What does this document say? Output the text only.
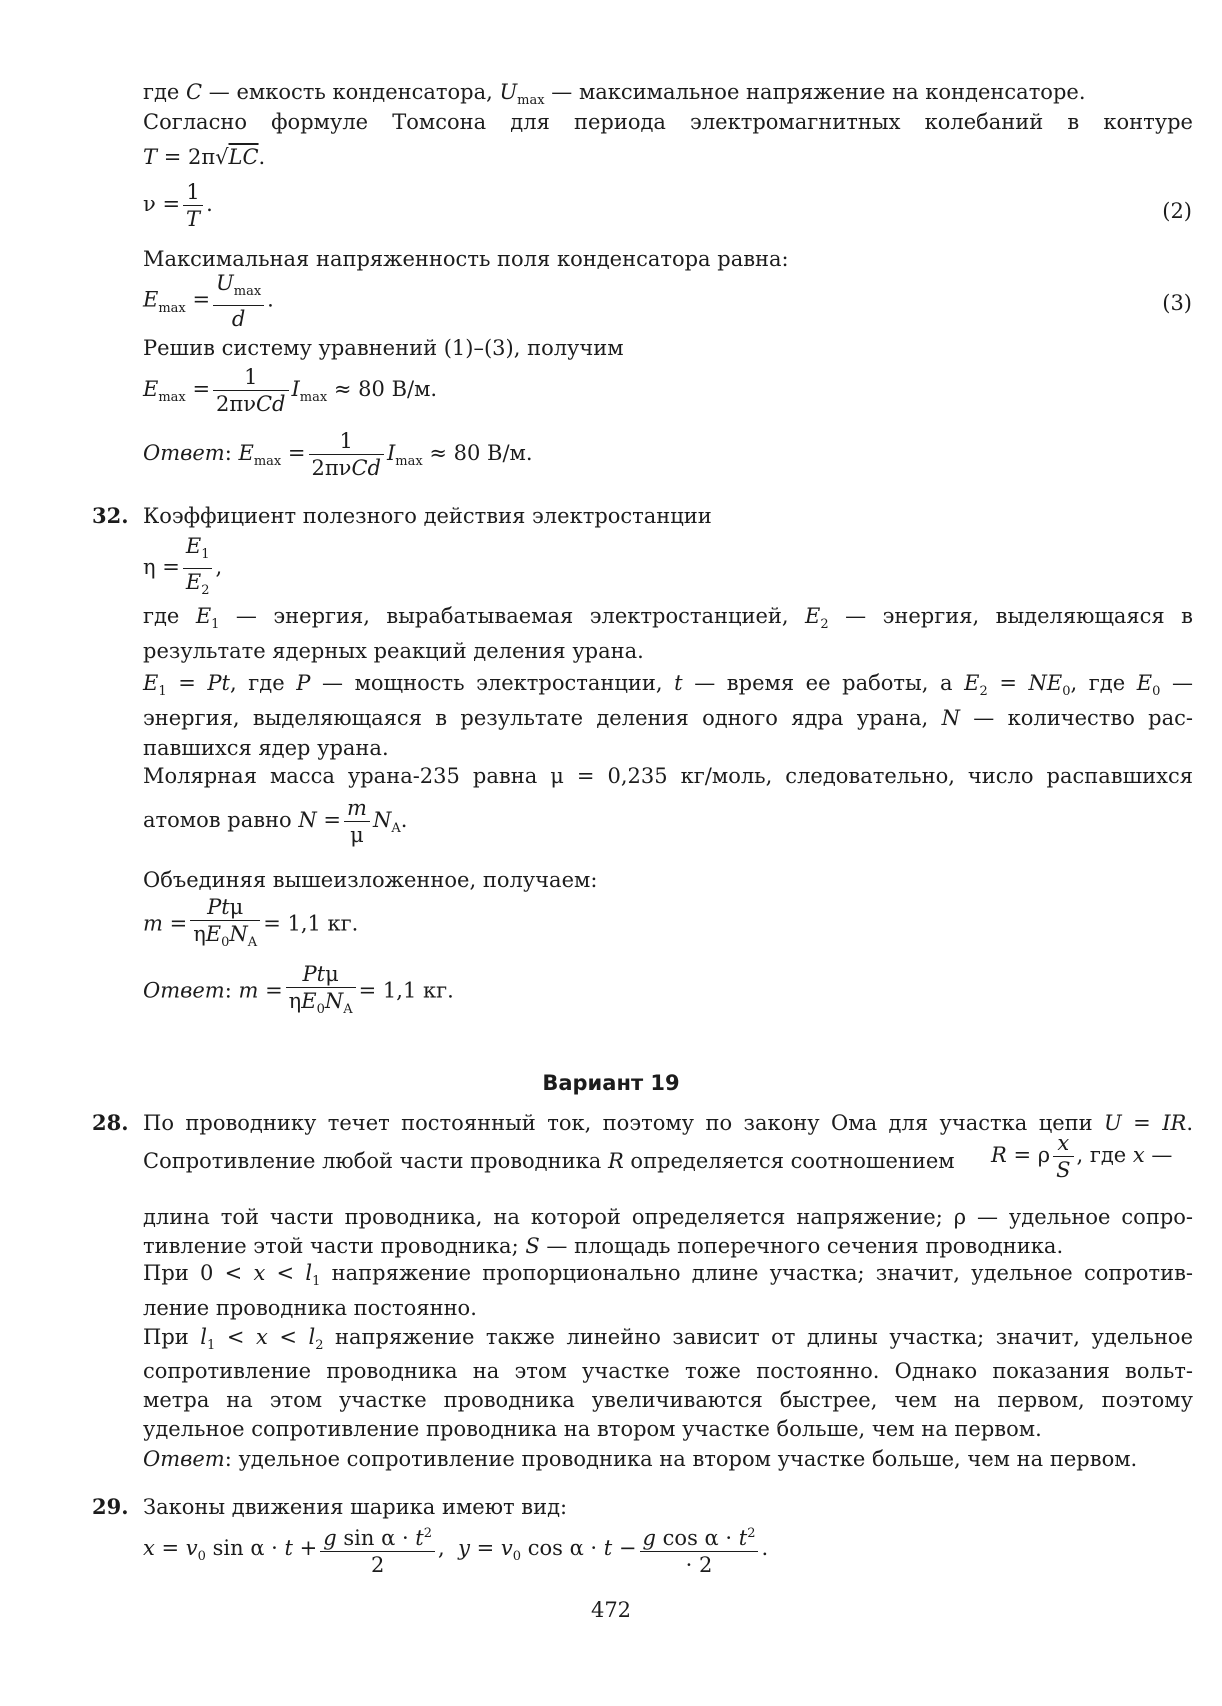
где C — емкость конденсатора, $U_{max}$ — максимальное напряжение на конденсаторе.
Согласно формуле Томсона для периода электромагнитных колебаний в контуре
T = 2π√LC.
$\nu = \frac{1}{T}$ .	(2)
Максимальная напряженность поля конденсатора равна:
$E_{max} = \frac{U_{max}}{d}$ .	(3)
Решив систему уравнений (1)–(3), получим
$E_{max} = \frac{1}{\text{2πνCd}} I_{max} \approx 80$ В/м.
Ответ: $E_{max} = \frac{1}{\text{2πνCd}} I_{max} \approx 80$ В/м.
32. Коэффициент полезного действия электростанции
$\eta = \frac{E_1}{E_2}$ ,
где $E_1$ — энергия, вырабатываемая электростанцией, $E_2$ — энергия, выделяющаяся в
результате ядерных реакций деления урана.
$E_1 = Pt$, где P — мощность электростанции, t — время ее работы, а $E_2 = NE_0$, где $E_0$ —
энергия, выделяющаяся в результате деления одного ядра урана, N — количество рас-
павшихся ядер урана.
Молярная масса урана-235 равна μ = 0,235 кг/моль, следовательно, число распавшихся
атомов равно $N = \frac{m}{\mu} N_A$.
Объединяя вышеизложенное, получаем:
$m = \frac{\text{Ptμ}}{\eta E_0N_A} = 1,1$ кг.
Ответ: $m = \frac{\text{Ptμ}}{\eta E_0N_A} = 1,1$ кг.
Вариант 19
28. По проводнику течет постоянный ток, поэтому по закону Ома для участка цепи U = IR.
Сопротивление любой части проводника R определяется соотношением R = ρ $\frac{x}{S}$ , где x —
длина той части проводника, на которой определяется напряжение; ρ — удельное сопро-
тивление этой части проводника; S — площадь поперечного сечения проводника.
При $0 < x < l_1$ напряжение пропорционально длине участка; значит, удельное сопротив-
ление проводника постоянно.
При $l_1 < x < l_2$ напряжение также линейно зависит от длины участка; значит, удельное
сопротивление проводника на этом участке тоже постоянно. Однако показания вольт-
метра на этом участке проводника увеличиваются быстрее, чем на первом, поэтому
удельное сопротивление проводника на втором участке больше, чем на первом.
Ответ: удельное сопротивление проводника на втором участке больше, чем на первом.
29. Законы движения шарика имеют вид:
$x = v_0$ $\sin \alpha \cdot t + \frac{g \sin \alpha \cdot t^2}{2}$ ,  $y = v_0$ $\cos \alpha \cdot t - \frac{g \cos \alpha \cdot t^2}{\cdot 2}$ .
472
